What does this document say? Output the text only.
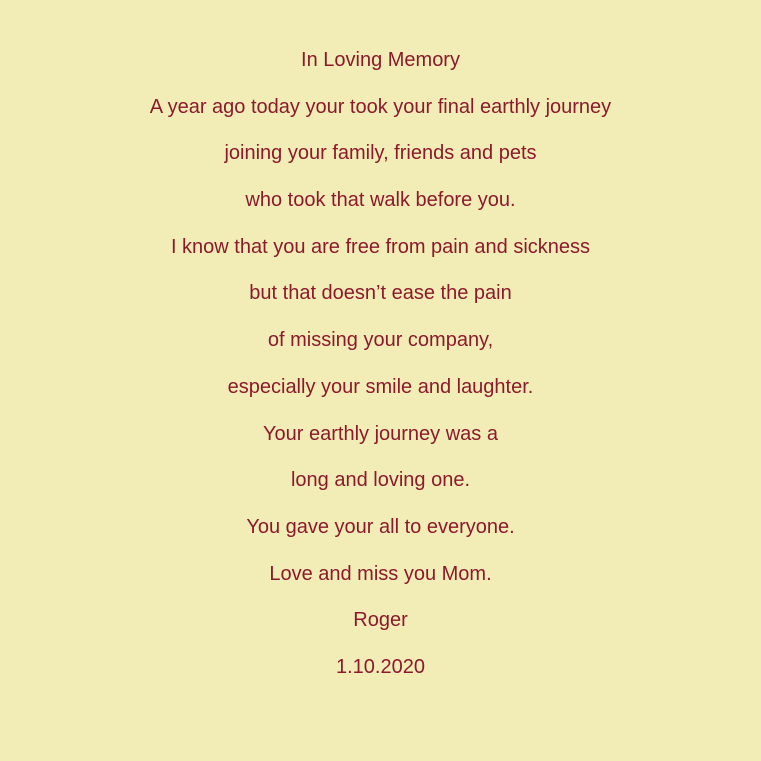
In Loving Memory
A year ago today your took your final earthly journey
joining your family, friends and pets
who took that walk before you.
I know that you are free from pain and sickness
but that doesn’t ease the pain
of missing your company,
especially your smile and laughter.
Your earthly journey was a
long and loving one.
You gave your all to everyone.
Love and miss you Mom.
Roger
1.10.2020
